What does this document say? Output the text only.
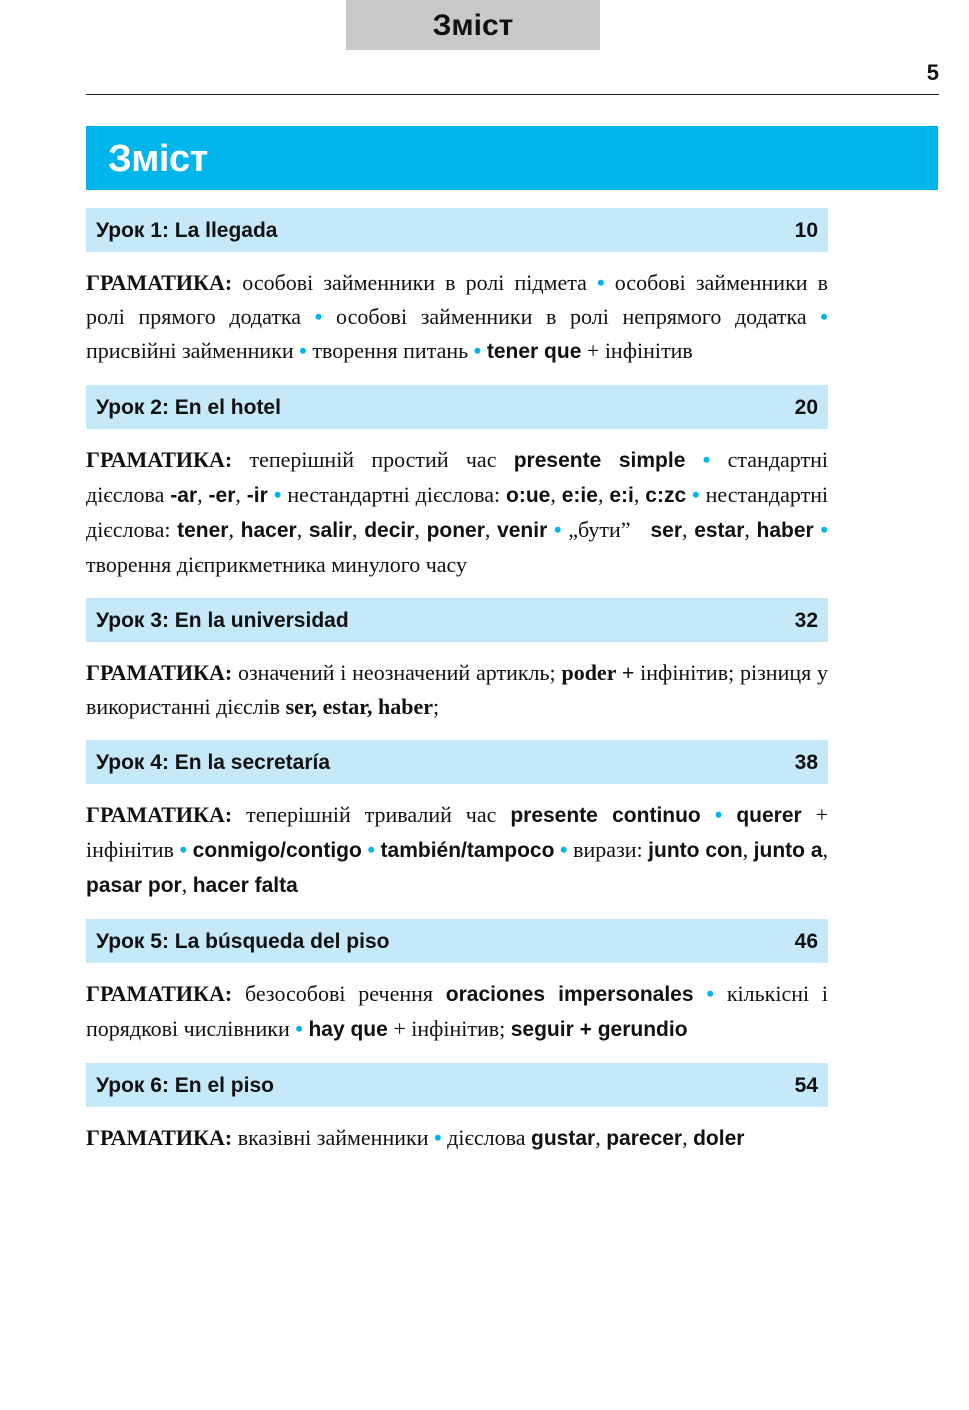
Зміст
5
Зміст
Урок 1: La llegada	10

ГРАМАТИКА: особові займенники в ролі підмета • особові займенники в ролі прямого додатка • особові займенники в ролі непрямого додатка • присвійні займенники • творення питань • tener que + інфінітив

Урок 2: En el hotel	20

ГРАМАТИКА: теперішній простий час presente simple • стандартні дієслова -ar, -er, -ir • нестандартні дієслова: o:ue, e:ie, e:i, c:zc • нестандартні дієслова: tener, hacer, salir, decir, poner, venir • „бути”   ser, estar, haber • творення дієприкметника минулого часу

Урок 3: En la universidad	32

ГРАМАТИКА: означений і неозначений артикль; poder + інфінітив; різниця у використанні дієслів ser, estar, haber;

Урок 4: En la secretaría	38

ГРАМАТИКА: теперішній тривалий час presente continuo • querer + інфінітив • conmigo/contigo • también/tampoco • вирази: junto con, junto a, pasar por, hacer falta

Урок 5: La búsqueda del piso	46

ГРАМАТИКА: безособові речення oraciones impersonales • кількісні і порядкові числівники • hay que + інфінітив; seguir + gerundio

Урок 6: En el piso	54

ГРАМАТИКА: вказівні займенники • дієслова gustar, parecer, doler
